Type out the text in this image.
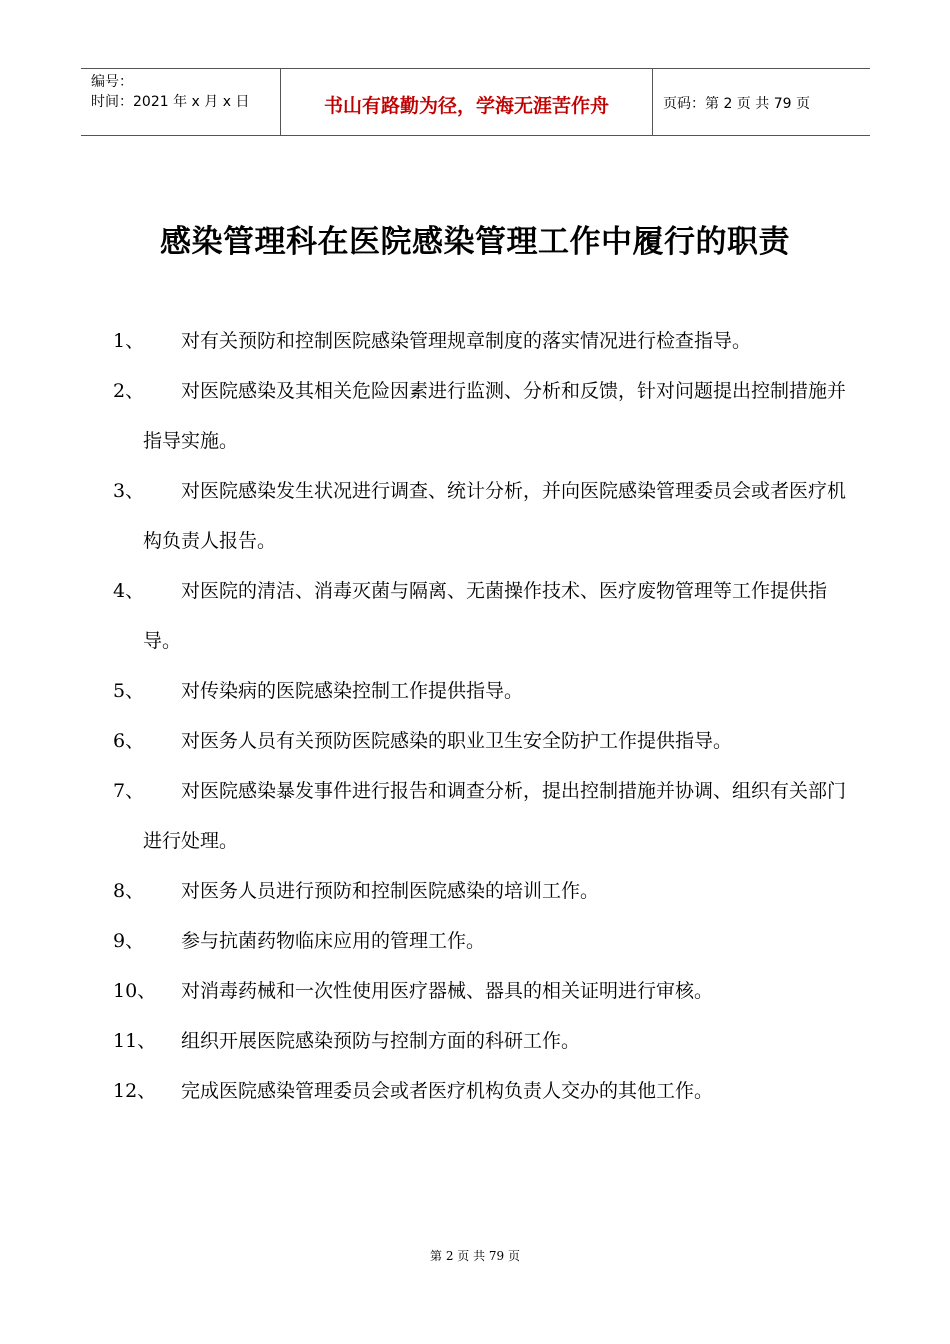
编号：
时间：2021 年 x 月 x 日	书山有路勤为径，学海无涯苦作舟	页码：第 2 页 共 79 页
感染管理科在医院感染管理工作中履行的职责
1、	对有关预防和控制医院感染管理规章制度的落实情况进行检查指导。
2、	对医院感染及其相关危险因素进行监测、分析和反馈，针对问题提出控制措施并指导实施。
3、	对医院感染发生状况进行调查、统计分析，并向医院感染管理委员会或者医疗机构负责人报告。
4、	对医院的清洁、消毒灭菌与隔离、无菌操作技术、医疗废物管理等工作提供指导。
5、	对传染病的医院感染控制工作提供指导。
6、	对医务人员有关预防医院感染的职业卫生安全防护工作提供指导。
7、	对医院感染暴发事件进行报告和调查分析，提出控制措施并协调、组织有关部门进行处理。
8、	对医务人员进行预防和控制医院感染的培训工作。
9、	参与抗菌药物临床应用的管理工作。
10、	对消毒药械和一次性使用医疗器械、器具的相关证明进行审核。
11、	组织开展医院感染预防与控制方面的科研工作。
12、	完成医院感染管理委员会或者医疗机构负责人交办的其他工作。
第 2 页 共 79 页
